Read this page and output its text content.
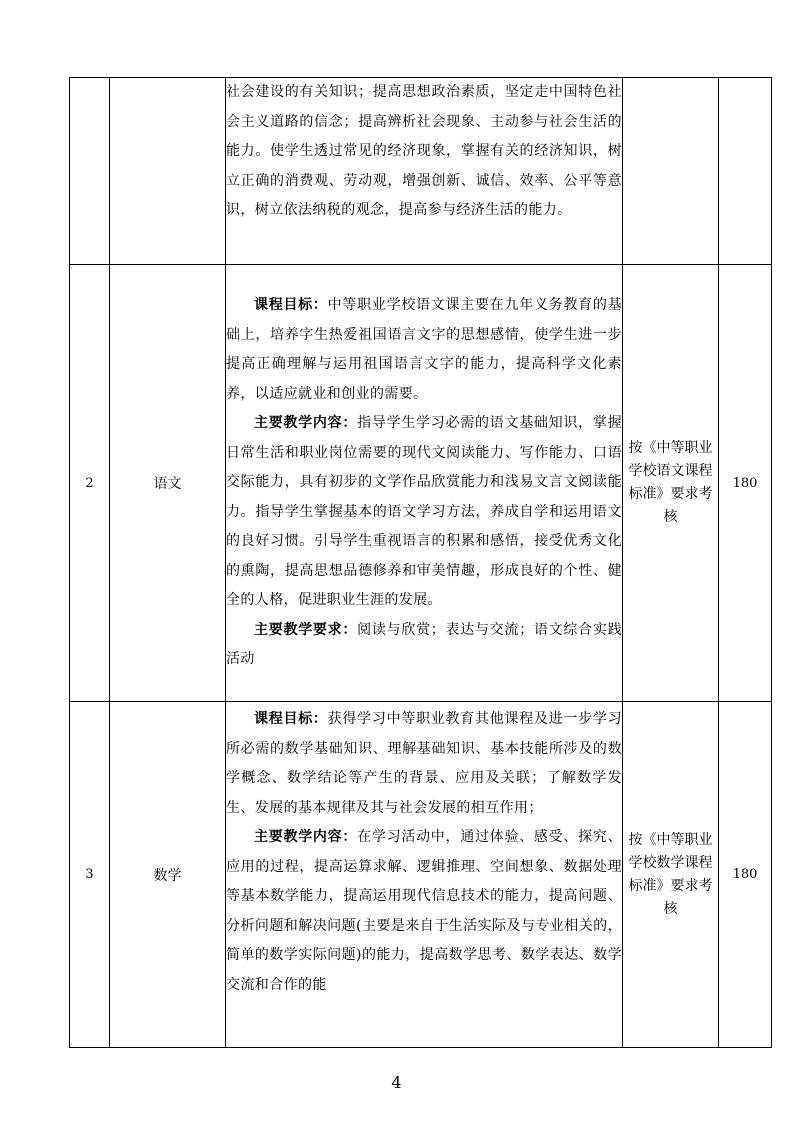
		社会建设的有关知识；提高思想政治素质，坚定走中国特色社会主义道路的信念；提高辨析社会现象、主动参与社会生活的能力。使学生透过常见的经济现象，掌握有关的经济知识，树立正确的消费观、劳动观，增强创新、诚信、效率、公平等意识，树立依法纳税的观念，提高参与经济生活的能力。		

2	语文	课程目标：中等职业学校语文课主要在九年义务教育的基础上，培养字生热爱祖国语言文字的思想感情，使学生进一步提高正确理解与运用祖国语言文字的能力，提高科学文化素养，以适应就业和创业的需要。

主要教学内容：指导学生学习必需的语文基础知识，掌握日常生活和职业岗位需要的现代文阅读能力、写作能力、口语交际能力，具有初步的文学作品欣赏能力和浅易文言文阅读能力。指导学生掌握基本的语文学习方法，养成自学和运用语文的良好习惯。引导学生重视语言的积累和感悟，接受优秀文化的熏陶，提高思想品德修养和审美情趣，形成良好的个性、健全的人格，促进职业生涯的发展。

主要教学要求：阅读与欣赏；表达与交流；语文综合实践活动	按《中等职业学校语文课程标准》要求考核	180
3	数学	课程目标：获得学习中等职业教育其他课程及进一步学习所必需的数学基础知识、理解基础知识、基本技能所涉及的数学概念、数学结论等产生的背景、应用及关联；了解数学发生、发展的基本规律及其与社会发展的相互作用；

主要教学内容：在学习活动中，通过体验、感受、探究、应用的过程，提高运算求解、逻辑推理、空间想象、数据处理等基本数学能力，提高运用现代信息技术的能力，提高问题、分析问题和解决问题(主要是来自于生活实际及与专业相关的，简单的数学实际问题)的能力，提高数学思考、数学表达、数学交流和合作的能	按《中等职业学校数学课程标准》要求考核	180
4
